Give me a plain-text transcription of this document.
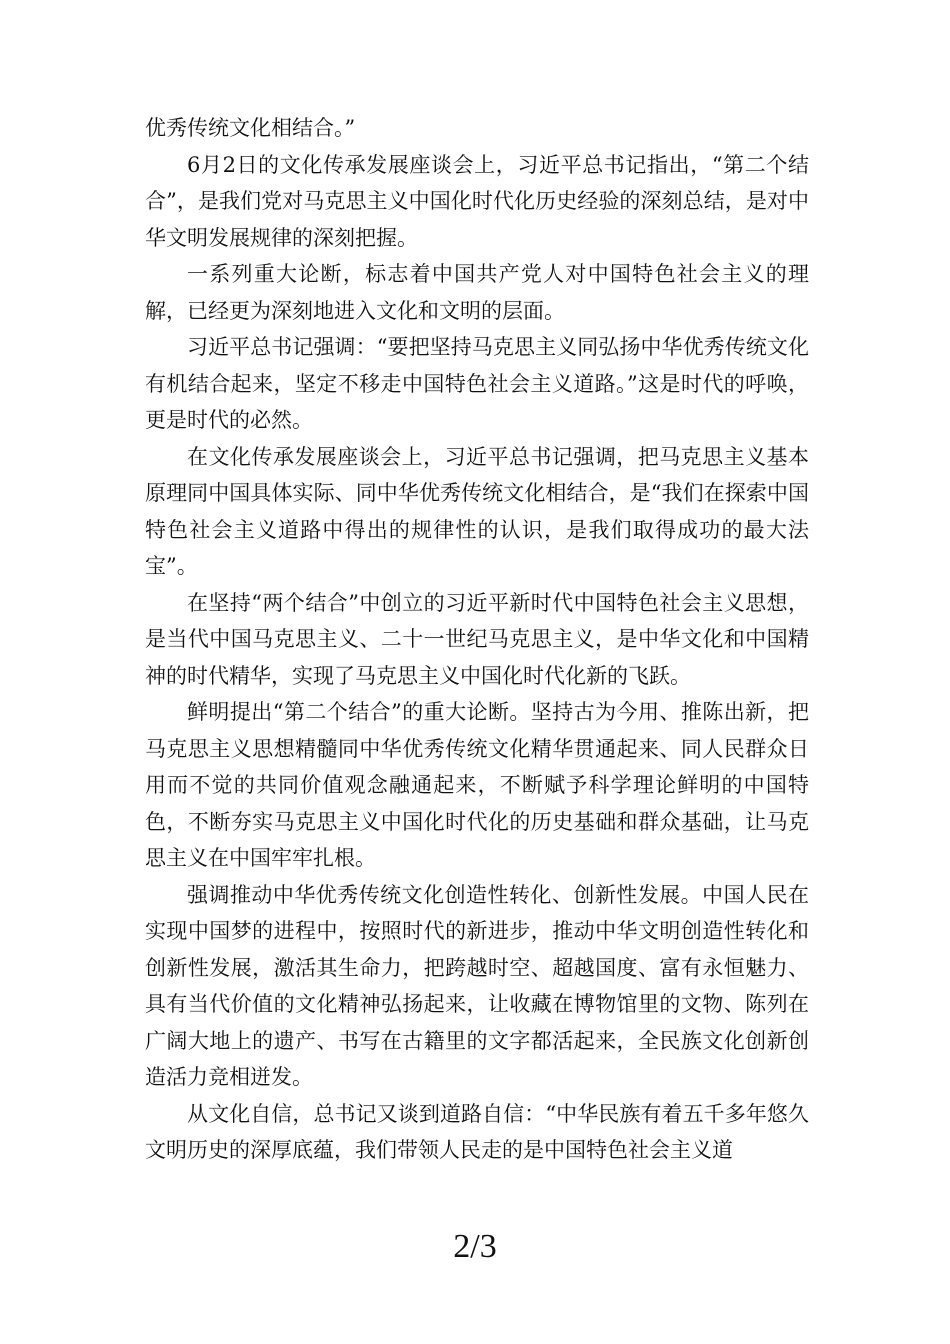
优秀传统文化相结合。”

6月2日的文化传承发展座谈会上，习近平总书记指出，“第二个结合”，是我们党对马克思主义中国化时代化历史经验的深刻总结，是对中华文明发展规律的深刻把握。

一系列重大论断，标志着中国共产党人对中国特色社会主义的理解，已经更为深刻地进入文化和文明的层面。

习近平总书记强调：“要把坚持马克思主义同弘扬中华优秀传统文化有机结合起来，坚定不移走中国特色社会主义道路。”这是时代的呼唤，更是时代的必然。

在文化传承发展座谈会上，习近平总书记强调，把马克思主义基本原理同中国具体实际、同中华优秀传统文化相结合，是“我们在探索中国特色社会主义道路中得出的规律性的认识，是我们取得成功的最大法宝”。

在坚持“两个结合”中创立的习近平新时代中国特色社会主义思想，是当代中国马克思主义、二十一世纪马克思主义，是中华文化和中国精神的时代精华，实现了马克思主义中国化时代化新的飞跃。

鲜明提出“第二个结合”的重大论断。坚持古为今用、推陈出新，把马克思主义思想精髓同中华优秀传统文化精华贯通起来、同人民群众日用而不觉的共同价值观念融通起来，不断赋予科学理论鲜明的中国特色，不断夯实马克思主义中国化时代化的历史基础和群众基础，让马克思主义在中国牢牢扎根。

强调推动中华优秀传统文化创造性转化、创新性发展。中国人民在实现中国梦的进程中，按照时代的新进步，推动中华文明创造性转化和创新性发展，激活其生命力，把跨越时空、超越国度、富有永恒魅力、具有当代价值的文化精神弘扬起来，让收藏在博物馆里的文物、陈列在广阔大地上的遗产、书写在古籍里的文字都活起来，全民族文化创新创造活力竞相迸发。

从文化自信，总书记又谈到道路自信：“中华民族有着五千多年悠久文明历史的深厚底蕴，我们带领人民走的是中国特色社会主义道

2/3
